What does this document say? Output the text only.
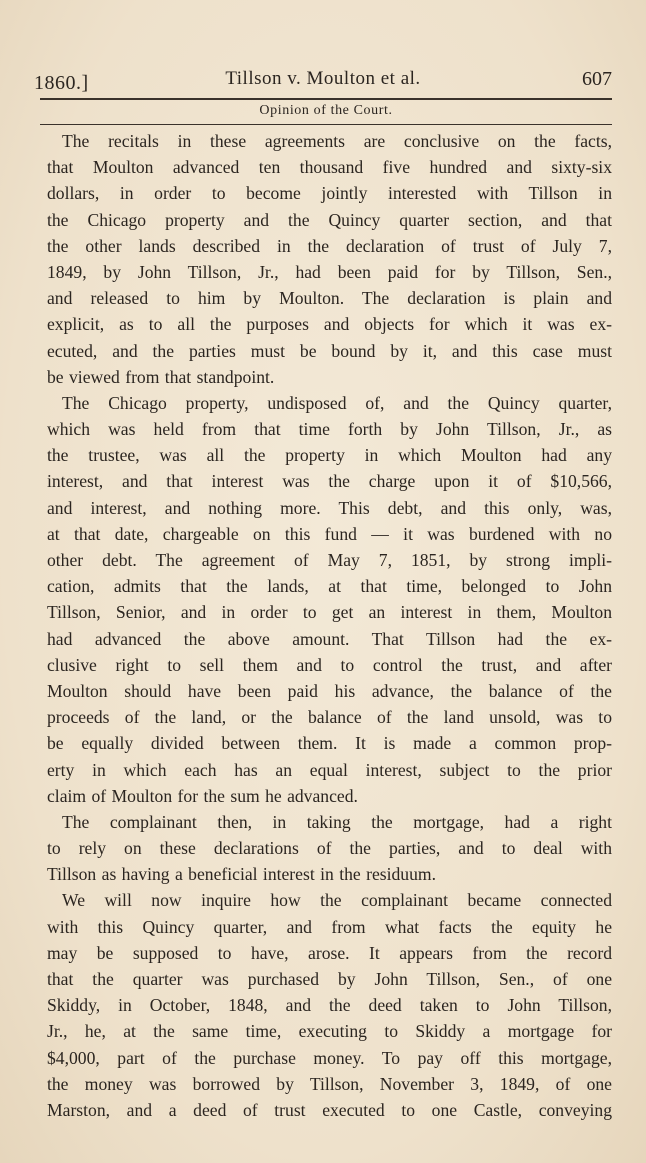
1860.]	Tillson v. Moulton et al.	607
Opinion of the Court.
The recitals in these agreements are conclusive on the facts,
that Moulton advanced ten thousand five hundred and sixty-six
dollars, in order to become jointly interested with Tillson in
the Chicago property and the Quincy quarter section, and that
the other lands described in the declaration of trust of July 7,
1849, by John Tillson, Jr., had been paid for by Tillson, Sen.,
and released to him by Moulton. The declaration is plain and
explicit, as to all the purposes and objects for which it was ex-
ecuted, and the parties must be bound by it, and this case must
be viewed from that standpoint.
The Chicago property, undisposed of, and the Quincy quarter,
which was held from that time forth by John Tillson, Jr., as
the trustee, was all the property in which Moulton had any
interest, and that interest was the charge upon it of $10,566,
and interest, and nothing more. This debt, and this only, was,
at that date, chargeable on this fund — it was burdened with no
other debt. The agreement of May 7, 1851, by strong impli-
cation, admits that the lands, at that time, belonged to John
Tillson, Senior, and in order to get an interest in them, Moulton
had advanced the above amount. That Tillson had the ex-
clusive right to sell them and to control the trust, and after
Moulton should have been paid his advance, the balance of the
proceeds of the land, or the balance of the land unsold, was to
be equally divided between them. It is made a common prop-
erty in which each has an equal interest, subject to the prior
claim of Moulton for the sum he advanced.
The complainant then, in taking the mortgage, had a right
to rely on these declarations of the parties, and to deal with
Tillson as having a beneficial interest in the residuum.
We will now inquire how the complainant became connected
with this Quincy quarter, and from what facts the equity he
may be supposed to have, arose. It appears from the record
that the quarter was purchased by John Tillson, Sen., of one
Skiddy, in October, 1848, and the deed taken to John Tillson,
Jr., he, at the same time, executing to Skiddy a mortgage for
$4,000, part of the purchase money. To pay off this mortgage,
the money was borrowed by Tillson, November 3, 1849, of one
Marston, and a deed of trust executed to one Castle, conveying
